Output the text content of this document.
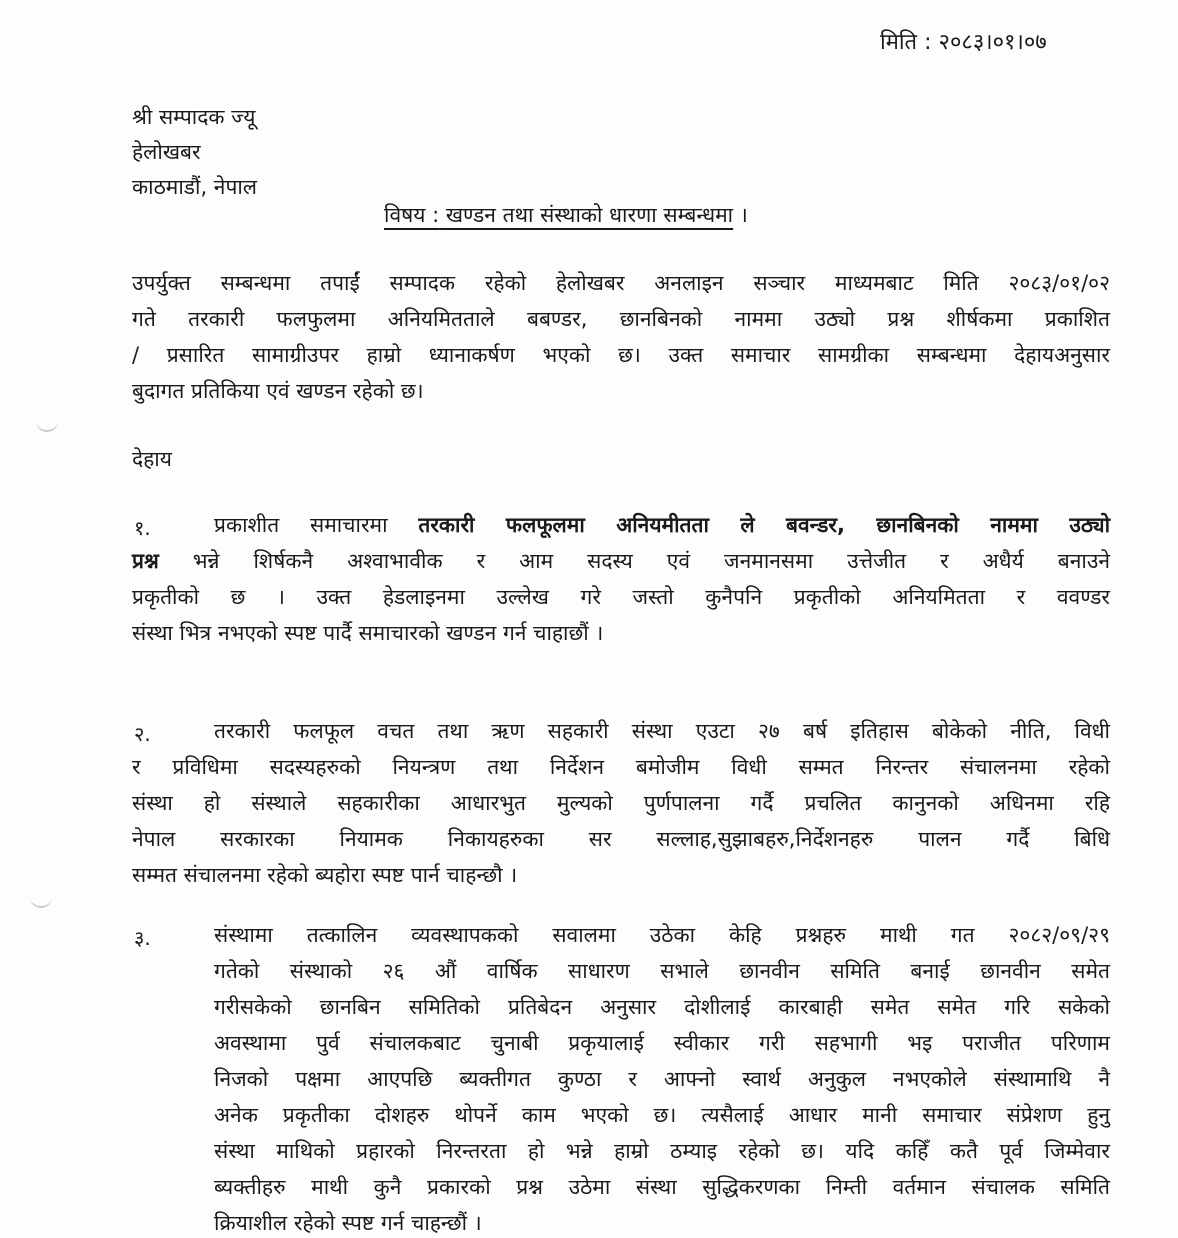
मिति : २०८३।०१।०७
श्री सम्पादक ज्यू
हेलोखबर
काठमाडौं, नेपाल
विषय : खण्डन तथा संस्थाको धारणा सम्बन्धमा ।
उपर्युक्त सम्बन्धमा तपाईं सम्पादक रहेको हेलोखबर अनलाइन सञ्चार माध्यमबाट मिति २०८३/०१/०२
गते तरकारी फलफुलमा अनियमितताले बबण्डर, छानबिनको नाममा उठ्यो प्रश्न शीर्षकमा प्रकाशित
/ प्रसारित सामाग्रीउपर हाम्रो ध्यानाकर्षण भएको छ। उक्त समाचार सामग्रीका सम्बन्धमा देहायअनुसार
बुदागत प्रतिकिया एवं खण्डन रहेको छ।
देहाय
१.	प्रकाशीत समाचारमा तरकारी फलफूलमा अनियमीतता ले बवन्डर, छानबिनको नाममा उठ्यो
प्रश्न भन्ने शिर्षकनै अश्वाभावीक र आम सदस्य एवं जनमानसमा उत्तेजीत र अधैर्य बनाउने
प्रकृतीको छ । उक्त हेडलाइनमा उल्लेख गरे जस्तो कुनैपनि प्रकृतीको अनियमितता र ववण्डर
संस्था भित्र नभएको स्पष्ट पार्दै समाचारको खण्डन गर्न चाहाछौं ।
२.	तरकारी फलफूल वचत तथा ऋण सहकारी संस्था एउटा २७ बर्ष इतिहास बोकेको नीति, विधी
र प्रविधिमा सदस्यहरुको नियन्त्रण तथा निर्देशन बमोजीम विधी सम्मत निरन्तर संचालनमा रहेको
संस्था हो संस्थाले सहकारीका आधारभुत मुल्यको पुर्णपालना गर्दै प्रचलित कानुनको अधिनमा रहि
नेपाल सरकारका नियामक निकायहरुका सर सल्लाह,सुझाबहरु,निर्देशनहरु पालन गर्दै बिधि
सम्मत संचालनमा रहेको ब्यहोरा स्पष्ट पार्न चाहन्छौ ।
३.	संस्थामा तत्कालिन व्यवस्थापकको सवालमा उठेका केहि प्रश्नहरु माथी गत २०८२/०९/२९
गतेको संस्थाको २६ औं वार्षिक साधारण सभाले छानवीन समिति बनाई छानवीन समेत
गरीसकेको छानबिन समितिको प्रतिबेदन अनुसार दोशीलाई कारबाही समेत समेत गरि सकेको
अवस्थामा पुर्व संचालकबाट चुनाबी प्रकृयालाई स्वीकार गरी सहभागी भइ पराजीत परिणाम
निजको पक्षमा आएपछि ब्यक्तीगत कुण्ठा र आफ्नो स्वार्थ अनुकुल नभएकोले संस्थामाथि नै
अनेक प्रकृतीका दोशहरु थोपर्ने काम भएको छ। त्यसैलाई आधार मानी समाचार संप्रेशण हुनु
संस्था माथिको प्रहारको निरन्तरता हो भन्ने हाम्रो ठम्याइ रहेको छ। यदि कहिँ कतै पूर्व जिम्मेवार
ब्यक्तीहरु माथी कुनै प्रकारको प्रश्न उठेमा संस्था सुद्धिकरणका निम्ती वर्तमान संचालक समिति
क्रियाशील रहेको स्पष्ट गर्न चाहन्छौं ।
